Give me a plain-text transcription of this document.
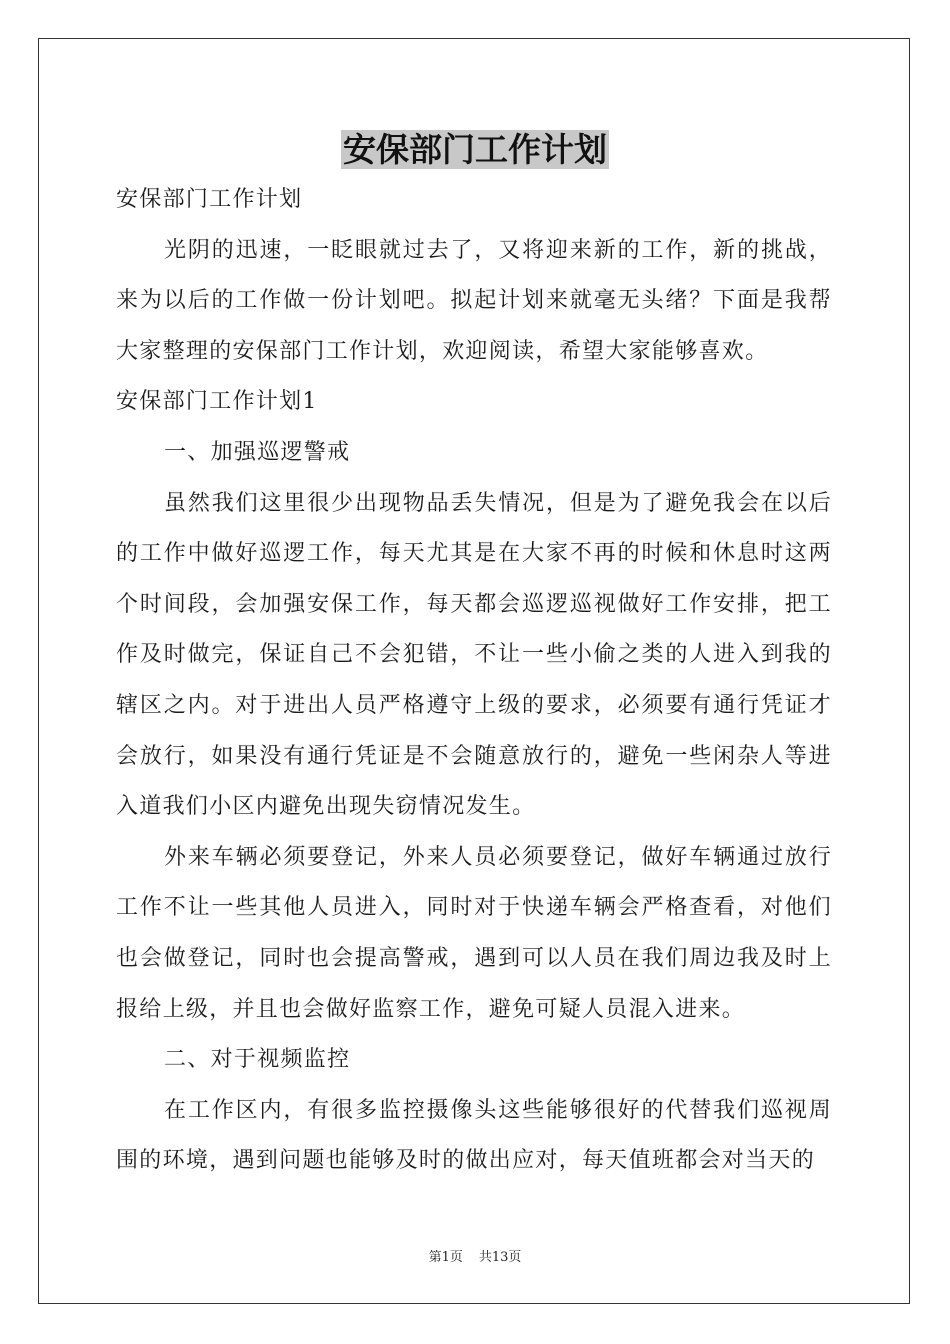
安保部门工作计划

安保部门工作计划

光阴的迅速，一眨眼就过去了，又将迎来新的工作，新的挑战，来为以后的工作做一份计划吧。拟起计划来就毫无头绪？下面是我帮大家整理的安保部门工作计划，欢迎阅读，希望大家能够喜欢。

安保部门工作计划1

一、加强巡逻警戒

虽然我们这里很少出现物品丢失情况，但是为了避免我会在以后的工作中做好巡逻工作，每天尤其是在大家不再的时候和休息时这两个时间段，会加强安保工作，每天都会巡逻巡视做好工作安排，把工作及时做完，保证自己不会犯错，不让一些小偷之类的人进入到我的辖区之内。对于进出人员严格遵守上级的要求，必须要有通行凭证才会放行，如果没有通行凭证是不会随意放行的，避免一些闲杂人等进入道我们小区内避免出现失窃情况发生。

外来车辆必须要登记，外来人员必须要登记，做好车辆通过放行工作不让一些其他人员进入，同时对于快递车辆会严格查看，对他们也会做登记，同时也会提高警戒，遇到可以人员在我们周边我及时上报给上级，并且也会做好监察工作，避免可疑人员混入进来。

二、对于视频监控

在工作区内，有很多监控摄像头这些能够很好的代替我们巡视周围的环境，遇到问题也能够及时的做出应对，每天值班都会对当天的

第1页 共13页
